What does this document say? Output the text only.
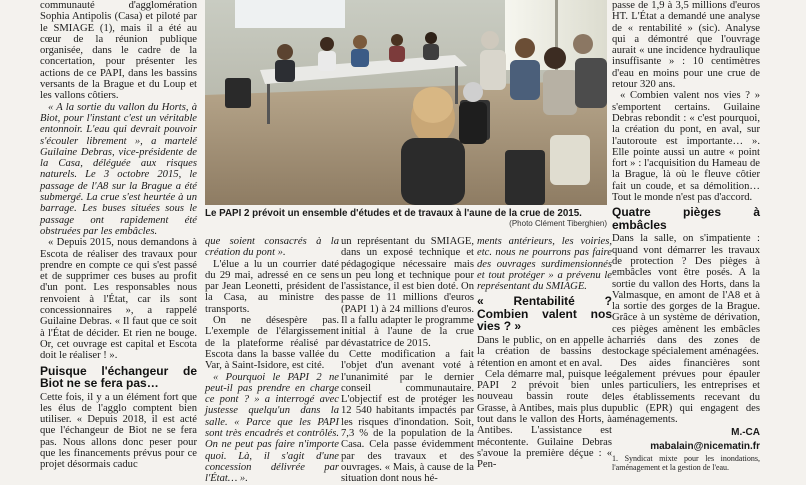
communauté d'agglomération Sophia Antipolis (Casa) et piloté par le SMIAGE (1), mais il a été au cœur de la réunion publique organisée, dans le cadre de la concertation, pour présenter les actions de ce PAPI, dans les bassins versants de la Brague et du Loup et les vallons côtiers.

« A la sortie du vallon du Horts, à Biot, pour l'instant c'est un véritable entonnoir. L'eau qui devrait pouvoir s'écouler librement », a martelé Guilaine Debras, vice-présidente de la Casa, déléguée aux risques naturels. Le 3 octobre 2015, le passage de l'A8 sur la Brague a été submergé. La crue s'est heurtée à un barrage. Les buses situées sous le passage ont rapidement été obstruées par les embâcles.

« Depuis 2015, nous demandons à Escota de réaliser des travaux pour prendre en compte ce qui s'est passé et de supprimer ces buses au profit d'un pont. Les responsables nous renvoient à l'État, car ils sont concessionnaires », a rappelé Guilaine Debras. « Il faut que ce soit à l'État de décider. Et rien ne bouge. Or, cet ouvrage est capital et Escota doit le réaliser ! ».

Puisque l'échangeur de Biot ne se fera pas…

Cette fois, il y a un élément fort que les élus de l'agglo comptent bien utiliser. « Depuis 2018, il est acté que l'échangeur de Biot ne se fera pas. Nous allons donc peser pour que les financements prévus pour ce projet désormais caduc

Le PAPI 2 prévoit un ensemble d'études et de travaux à l'aune de la crue de 2015.
(Photo Clément Tiberghien)

que soient consacrés à la création du pont ».

L'élue a lu un courrier daté du 29 mai, adressé en ce sens par Jean Leonetti, président de la Casa, au ministre des transports.

On ne désespère pas. L'exemple de l'élargissement de la plateforme réalisé par Escota dans la basse vallée du Var, à Saint-Isidore, est cité.

« Pourquoi le PAPI 2 ne peut-il pas prendre en charge ce pont ? » a interrogé avec justesse quelqu'un dans la salle. « Parce que les PAPI sont très encadrés et contrôlés. On ne peut pas faire n'importe quoi. Là, il s'agit d'une concession délivrée par l'État… ».

un représentant du SMIAGE, dans un exposé technique et pédagogique nécessaire mais un peu long et technique pour l'assistance, il est bien doté. On passe de 11 millions d'euros (PAPI 1) à 24 millions d'euros. Il a fallu adapter le programme initial à l'aune de la crue dévastatrice de 2015.

Cette modification a fait l'objet d'un avenant voté à l'unanimité par le dernier conseil communautaire. L'objectif est de protéger les 12 540 habitants impactés par les risques d'inondation. Soit, 7,3 % de la population de la Casa. Cela passe évidemment par des travaux et des ouvrages. « Mais, à cause de la situation dont nous hé-

ments antérieurs, les voiries, etc. nous ne pourrons pas faire des ouvrages surdimensionnés et tout protéger » a prévenu le représentant du SMIAGE.

« Rentabilité ? Combien valent nos vies ? »

Dans le public, on en appelle à la création de bassins de rétention en amont et en aval.

Cela démarre mal, puisque le PAPI 2 prévoit bien un nouveau bassin route de Grasse, à Antibes, mais plus du tout dans le vallon des Horts, à Antibes. L'assistance est mécontente. Guilaine Debras s'avoue la première déçue : « Pen-

passe de 1,9 à 3,5 millions d'euros HT. L'État a demandé une analyse de « rentabilité » (sic). Analyse qui a démontré que l'ouvrage aurait « une incidence hydraulique insuffisante » : 10 centimètres d'eau en moins pour une crue de retour 320 ans.

« Combien valent nos vies ? » s'emportent certains. Guilaine Debras rebondit : « c'est pourquoi, la création du pont, en aval, sur l'autoroute est importante… ». Elle pointe aussi un autre « point fort » : l'acquisition du Hameau de la Brague, là où le fleuve côtier fait un coude, et sa démolition… Tout le monde n'est pas d'accord.

Quatre pièges à embâcles

Dans la salle, on s'impatiente : quand vont démarrer les travaux de protection ? Des pièges à embâcles vont être posés. A la sortie du vallon des Horts, dans la Valmasque, en amont de l'A8 et à la sortie des gorges de la Brague. Grâce à un système de dérivation, ces pièges amènent les embâcles charriés dans des zones de stockage spécialement aménagées.

Des aides financières sont également prévues pour épauler les particuliers, les entreprises et les établissements recevant du public (EPR) qui engagent des aménagements.

M.-CA
mabalain@nicematin.fr
1. Syndicat mixte pour les inondations, l'aménagement et la gestion de l'eau.
